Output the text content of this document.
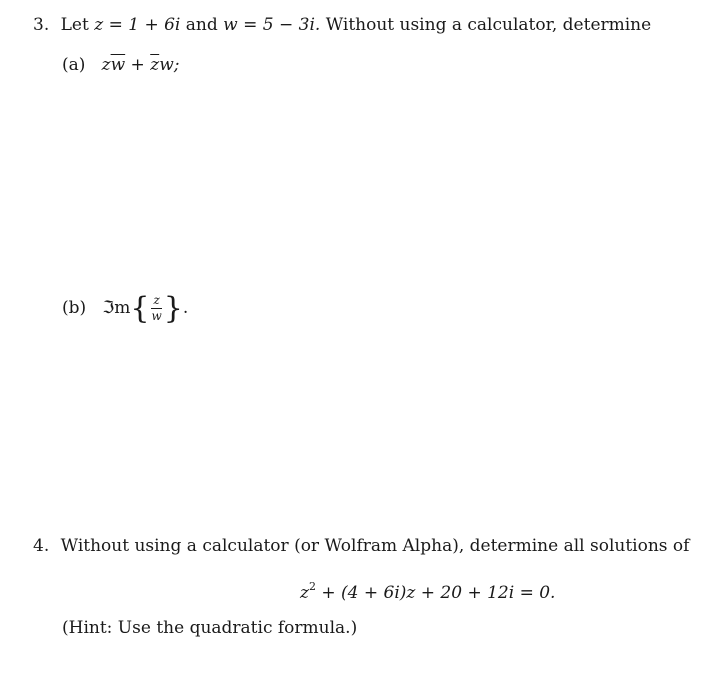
3. Let z = 1 + 6i and w = 5 − 3i. Without using a calculator, determine
(a) $z\overline{w} + \overline{z}w$;
(b) ℑm{ $\frac{z}{w}$ }.
4. Without using a calculator (or Wolfram Alpha), determine all solutions of
$z^2 + (4 + 6i)z + 20 + 12i = 0$.
(Hint: Use the quadratic formula.)
